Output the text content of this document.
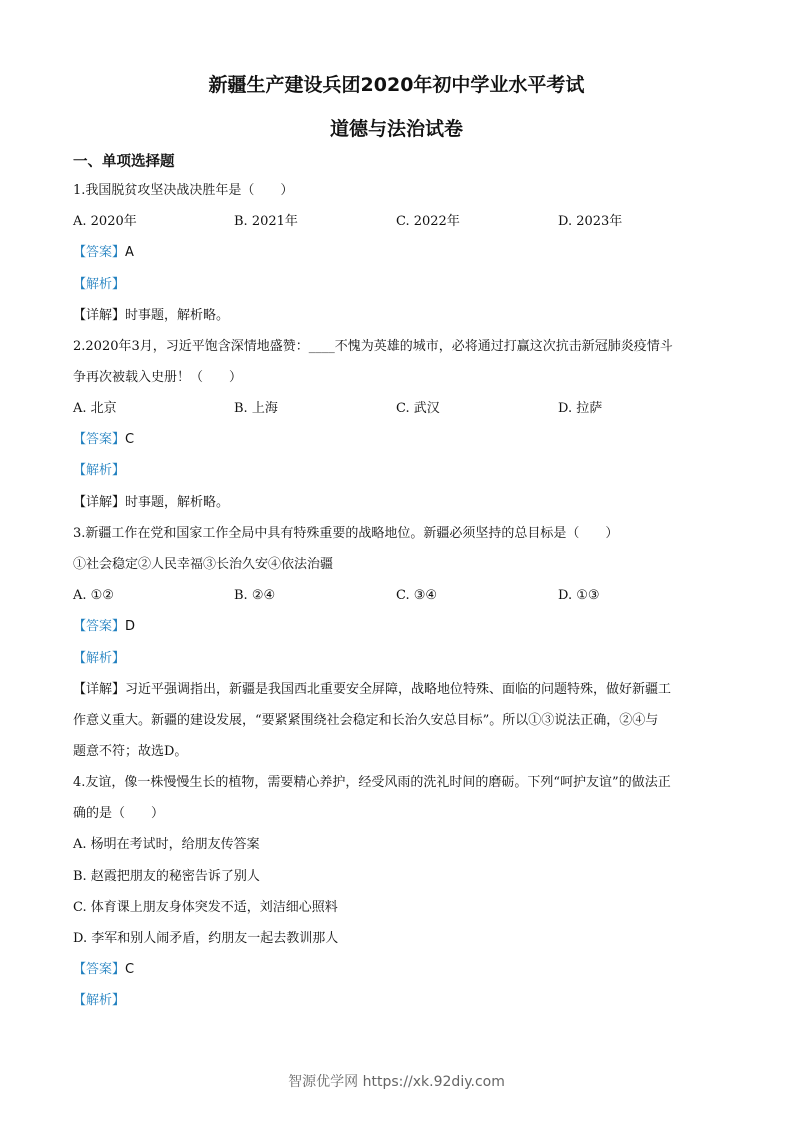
新疆生产建设兵团2020年初中学业水平考试
道德与法治试卷
一、单项选择题
1.我国脱贫攻坚决战决胜年是（　　）
A. 2020年	B. 2021年	C. 2022年	D. 2023年
【答案】A
【解析】
【详解】时事题，解析略。
2.2020年3月，习近平饱含深情地盛赞：____不愧为英雄的城市，必将通过打赢这次抗击新冠肺炎疫情斗
争再次被载入史册！（　　）
A. 北京	B. 上海	C. 武汉	D. 拉萨
【答案】C
【解析】
【详解】时事题，解析略。
3.新疆工作在党和国家工作全局中具有特殊重要的战略地位。新疆必须坚持的总目标是（　　）
①社会稳定②人民幸福③长治久安④依法治疆
A. ①②	B. ②④	C. ③④	D. ①③
【答案】D
【解析】
【详解】习近平强调指出，新疆是我国西北重要安全屏障，战略地位特殊、面临的问题特殊，做好新疆工
作意义重大。新疆的建设发展，“要紧紧围绕社会稳定和长治久安总目标”。所以①③说法正确，②④与
题意不符；故选D。
4.友谊，像一株慢慢生长的植物，需要精心养护，经受风雨的洗礼时间的磨砺。下列“呵护友谊”的做法正
确的是（　　）
A. 杨明在考试时，给朋友传答案
B. 赵霞把朋友的秘密告诉了别人
C. 体育课上朋友身体突发不适，刘洁细心照料
D. 李军和别人闹矛盾，约朋友一起去教训那人
【答案】C
【解析】
智源优学网 https://xk.92diy.com
